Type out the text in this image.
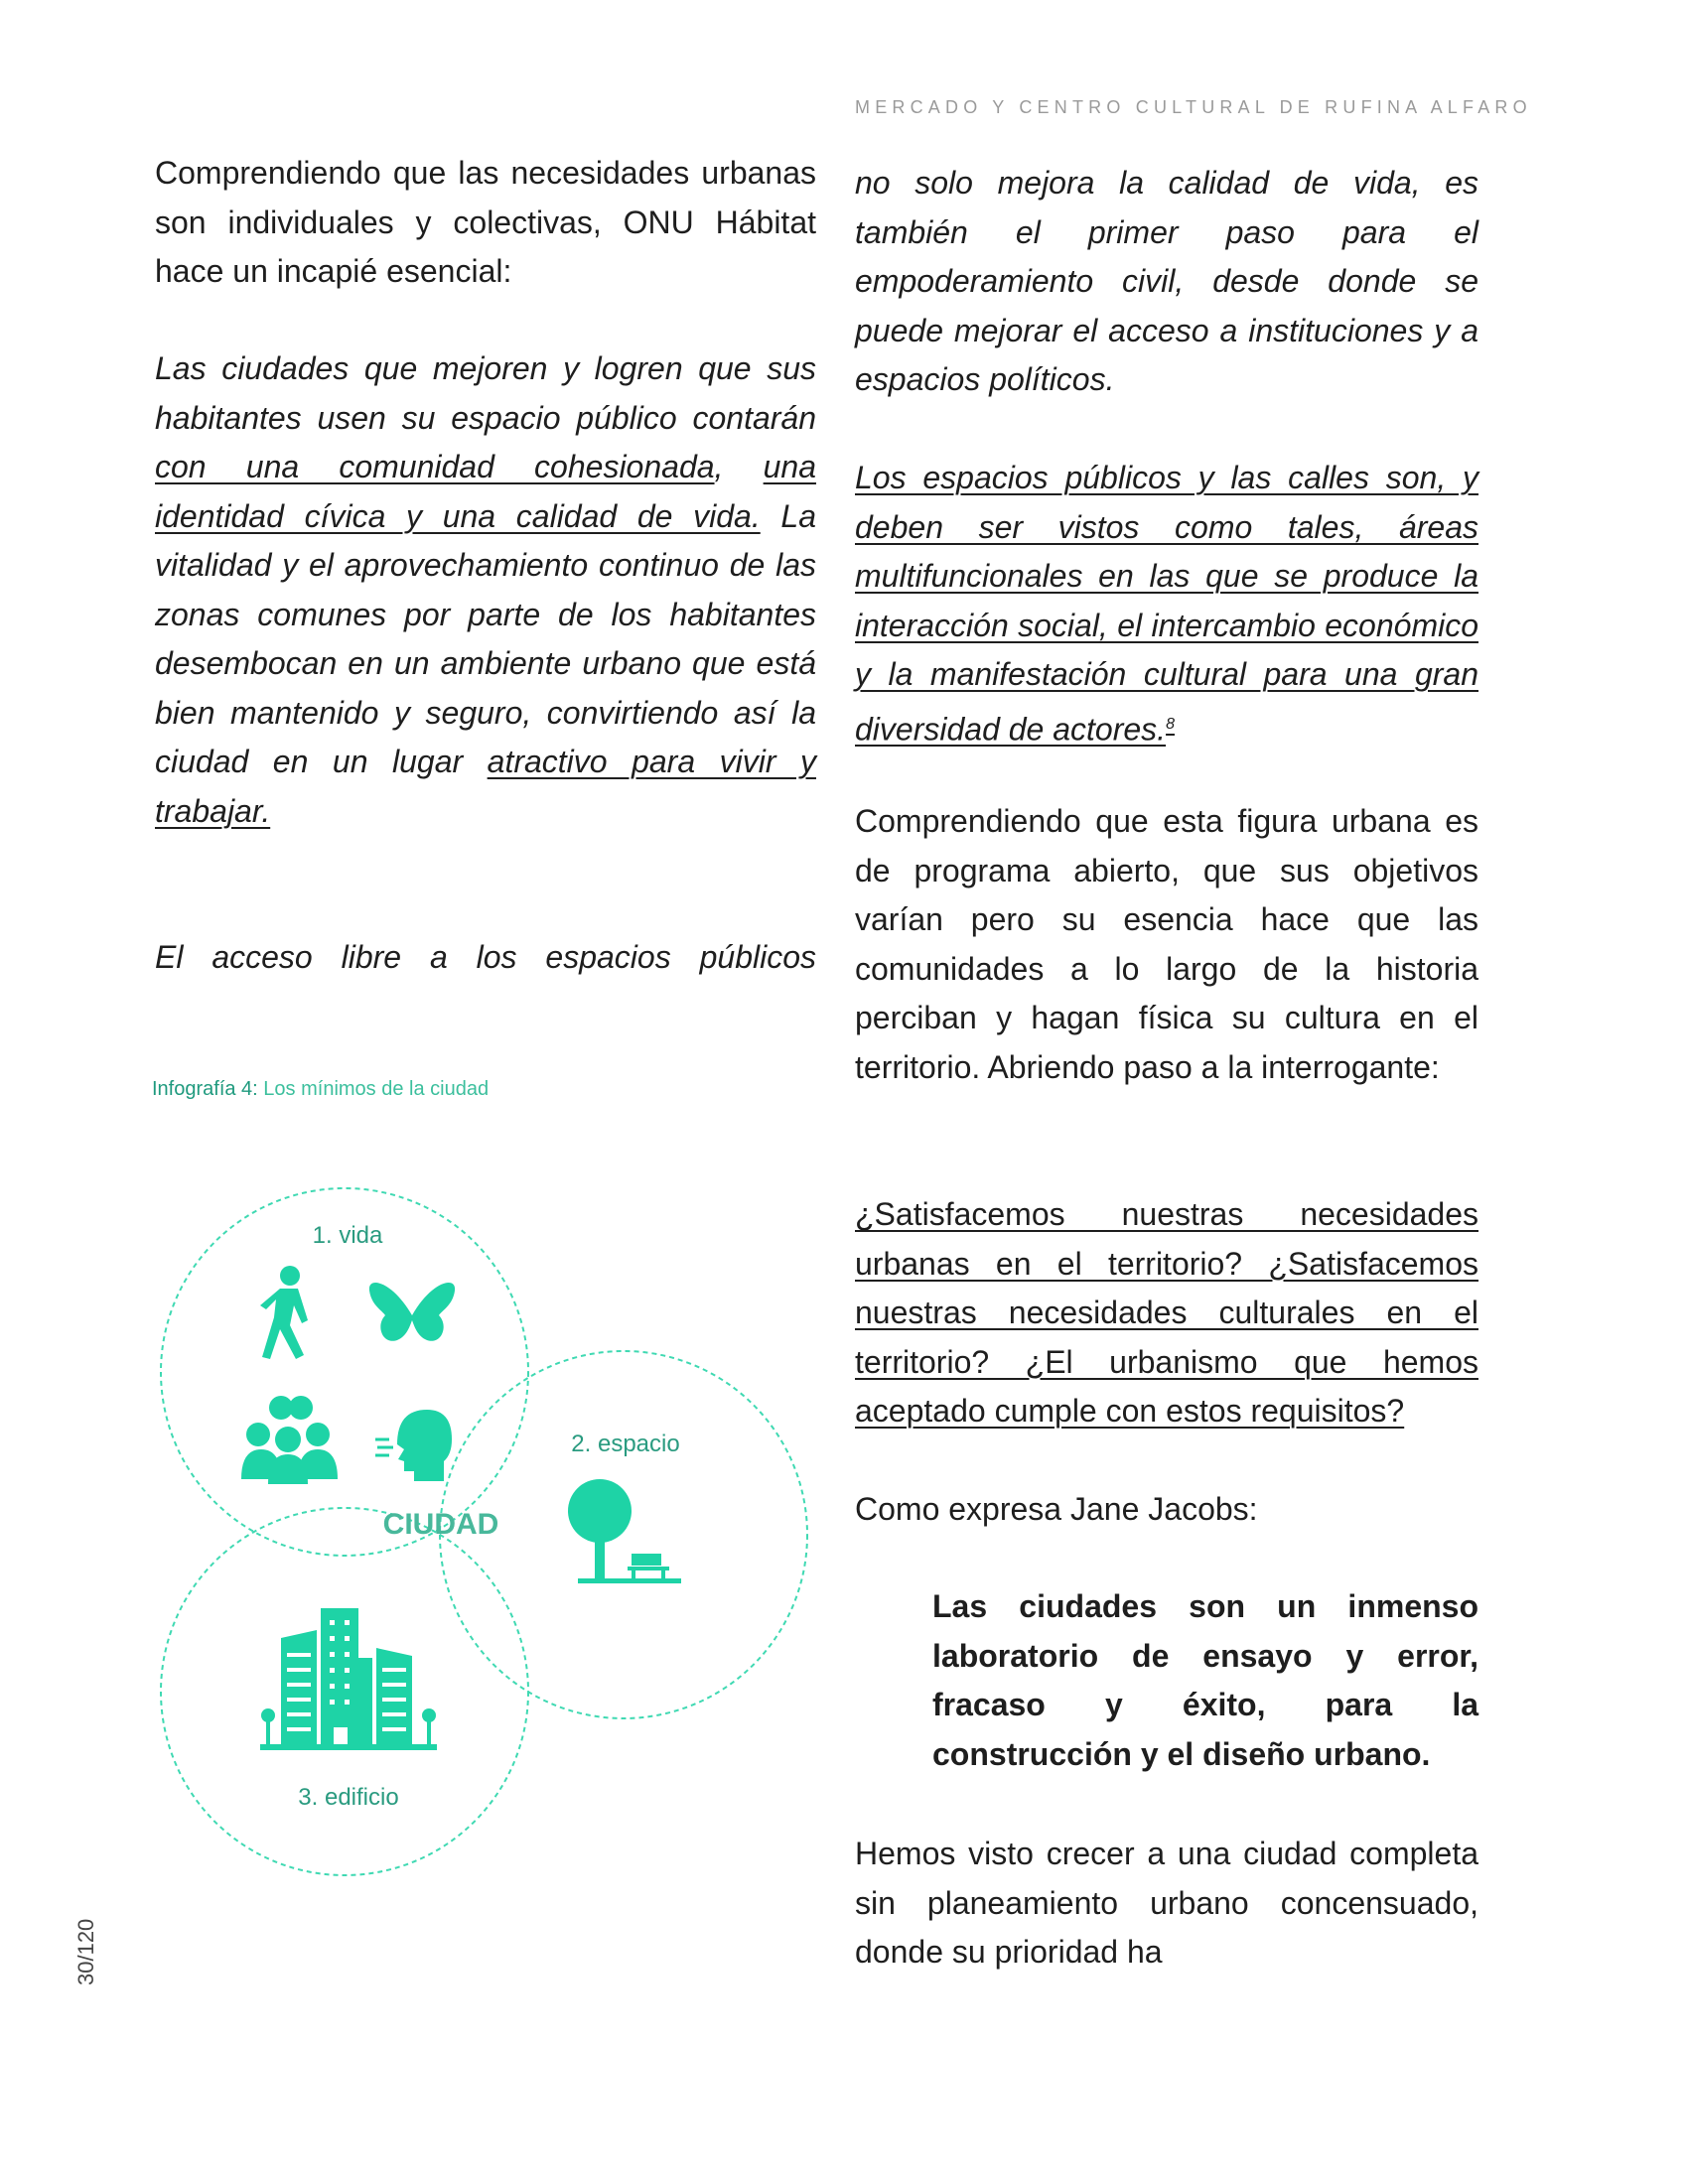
MERCADO Y CENTRO CULTURAL DE RUFINA ALFARO
Comprendiendo que las necesidades urbanas son individuales y colectivas, ONU Hábitat hace un incapié esencial:
Las ciudades que mejoren y logren que sus habitantes usen su espacio público contarán con una comunidad cohesionada, una identidad cívica y una calidad de vida. La vitalidad y el aprovechamiento continuo de las zonas comunes por parte de los habitantes desembocan en un ambiente urbano que está bien mantenido y seguro, convirtiendo así la ciudad en un lugar atractivo para vivir y trabajar.
El acceso libre a los espacios públicos
Infografía 4: Los mínimos de la ciudad
1. vida
2. espacio
3. edificio
CIUDAD
no solo mejora la calidad de vida, es también el primer paso para el empoderamiento civil, desde donde se puede mejorar el acceso a instituciones y a espacios políticos.
Los espacios públicos y las calles son, y deben ser vistos como tales, áreas multifuncionales en las que se produce la interacción social, el intercambio económico y la manifestación cultural para una gran diversidad de actores.$^8$
Comprendiendo que esta figura urbana es de programa abierto, que sus objetivos varían pero su esencia hace que las comunidades a lo largo de la historia perciban y hagan física su cultura en el territorio. Abriendo paso a la interrogante:
¿Satisfacemos nuestras necesidades urbanas en el territorio? ¿Satisfacemos nuestras necesidades culturales en el territorio? ¿El urbanismo que hemos aceptado cumple con estos requisitos?
Como expresa Jane Jacobs:
Las ciudades son un inmenso laboratorio de ensayo y error, fracaso y éxito, para la construcción y el diseño urbano.
Hemos visto crecer a una ciudad completa sin planeamiento urbano concensuado, donde su prioridad ha
30/120
